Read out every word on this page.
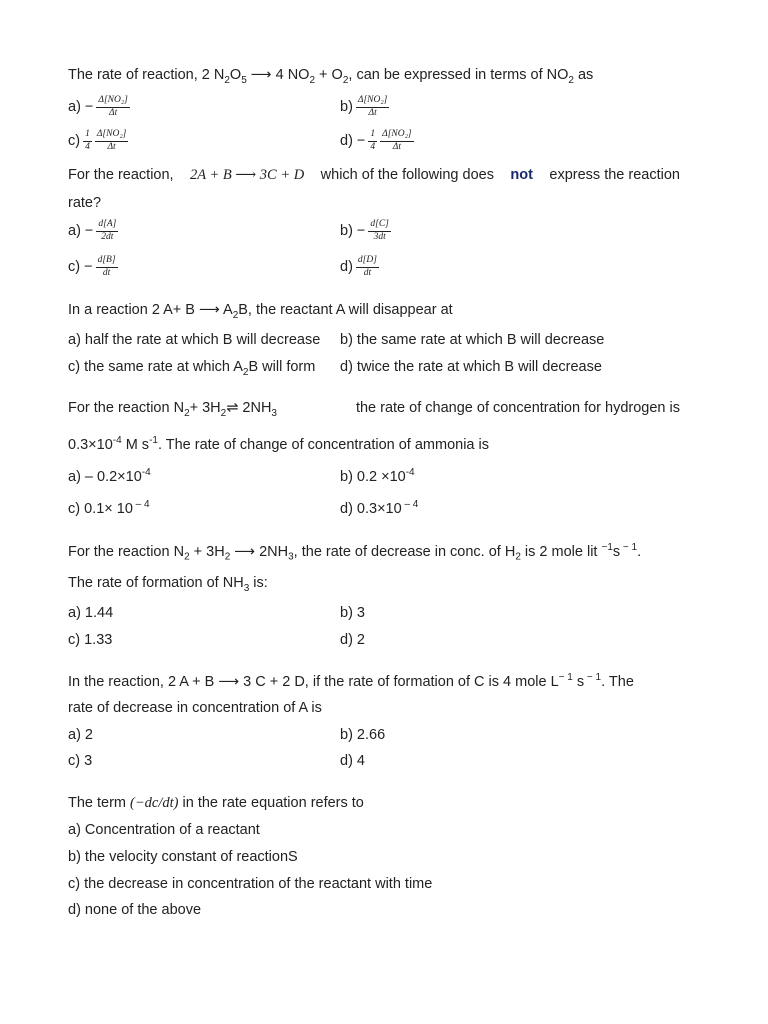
The rate of reaction, 2 $N_2O_5$ ⟶ 4 $NO_2 + O_2$, can be expressed in terms of $NO_2$ as
$a) - \frac{\text{Δ[NO₂]}}{\Delta t}$	$b) \frac{\text{Δ[NO₂]}}{\Delta t}$
$c) \frac{1}{4} \frac{\text{Δ[NO₂]}}{\Delta t}$	$d) - \frac{1}{4} \frac{\text{Δ[NO₂]}}{\Delta t}$
For the reaction, 2A + B ⟶ 3C + D which of the following does not express the reaction
rate?
$a) - \frac{d[A]}{2dt}$	$b) - \frac{d[C]}{3dt}$
$c) - \frac{d[B]}{dt}$	$d) \frac{d[D]}{dt}$
In a reaction 2 A+ B ⟶ $A_2B$, the reactant A will disappear at
a) half the rate at which B will decrease b) the same rate at which B will decrease
c) the same rate at which $A_2B$ will form d) twice the rate at which B will decrease
For the reaction $N_2+$ $3H_2\rightleftharpoons$ $2NH_3$	the rate of change of concentration for hydrogen is
$0.3\times 10^{-4}$ M $s^{-1}$. The rate of change of concentration of ammonia is
$a) - 0.2\times 10^{-4}$	b) $0.2 \times 10^{-4}$
c) 0.1× 10 $^{- 4}$	d) 0.3×10 $^{- 4}$
For the reaction $N_2 + 3H_2$ ⟶ $2NH_3$, the rate of decrease in conc. of $H_2$ is 2 mole lit $^{-1}$s $^{- 1}$.
The rate of formation of $NH_3$ is:
a) 1.44	b) 3
c) 1.33	d) 2
In the reaction, 2 A + B ⟶ 3 C + 2 D, if the rate of formation of C is 4 mole $L^{- 1}$ s $^{- 1}$. The
rate of decrease in concentration of A is
a) 2	b) 2.66
c) 3	d) 4
The term (−dc/dt) in the rate equation refers to
a) Concentration of a reactant
b) the velocity constant of reactionS
c) the decrease in concentration of the reactant with time
d) none of the above
